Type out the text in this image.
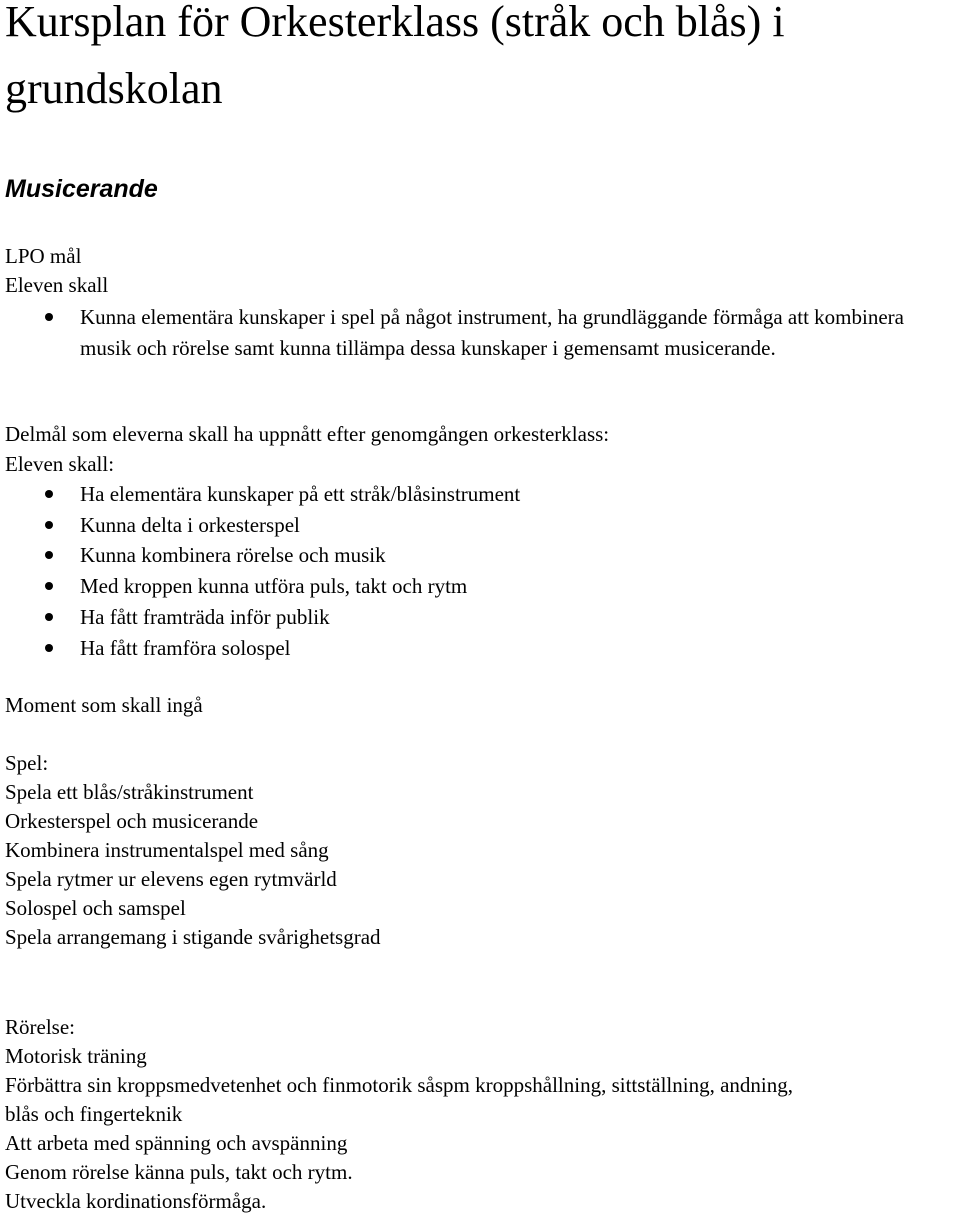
Kursplan för Orkesterklass (stråk och blås) i grundskolan
Musicerande
LPO mål
Eleven skall
Kunna elementära kunskaper i spel på något instrument, ha grundläggande förmåga att kombinera musik och rörelse samt kunna tillämpa dessa kunskaper i gemensamt musicerande.
Delmål som eleverna skall ha uppnått efter genomgången orkesterklass:
Eleven skall:
Ha elementära kunskaper på ett stråk/blåsinstrument
Kunna delta i orkesterspel
Kunna kombinera rörelse och musik
Med kroppen kunna utföra puls, takt och rytm
Ha fått framträda inför publik
Ha fått framföra solospel
Moment som skall ingå
Spel:
Spela ett blås/stråkinstrument
Orkesterspel och musicerande
Kombinera instrumentalspel med sång
Spela rytmer ur elevens egen rytmvärld
Solospel och samspel
Spela arrangemang i stigande svårighetsgrad
Rörelse:
Motorisk träning
Förbättra sin kroppsmedvetenhet och finmotorik såspm kroppshållning, sittställning, andning,
blås och fingerteknik
Att arbeta med spänning och avspänning
Genom rörelse känna puls, takt och rytm.
Utveckla kordinationsförmåga.
